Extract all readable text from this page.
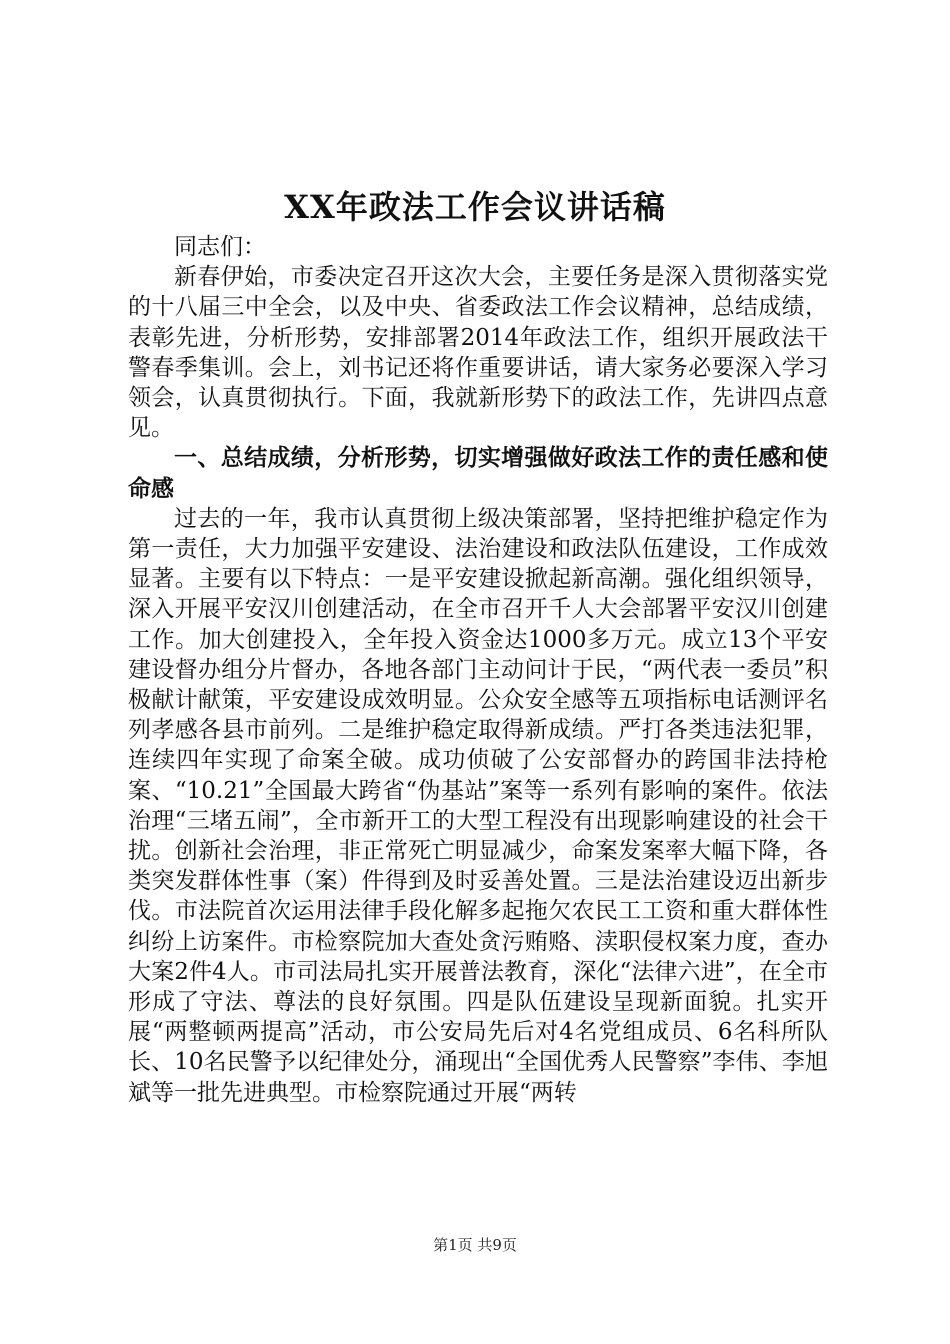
XX年政法工作会议讲话稿

同志们：

新春伊始，市委决定召开这次大会，主要任务是深入贯彻落实党的十八届三中全会，以及中央、省委政法工作会议精神，总结成绩，表彰先进，分析形势，安排部署2014年政法工作，组织开展政法干警春季集训。会上，刘书记还将作重要讲话，请大家务必要深入学习领会，认真贯彻执行。下面，我就新形势下的政法工作，先讲四点意见。

一、总结成绩，分析形势，切实增强做好政法工作的责任感和使命感

过去的一年，我市认真贯彻上级决策部署，坚持把维护稳定作为第一责任，大力加强平安建设、法治建设和政法队伍建设，工作成效显著。主要有以下特点：一是平安建设掀起新高潮。强化组织领导，深入开展平安汉川创建活动，在全市召开千人大会部署平安汉川创建工作。加大创建投入，全年投入资金达1000多万元。成立13个平安建设督办组分片督办，各地各部门主动问计于民，“两代表一委员”积极献计献策，平安建设成效明显。公众安全感等五项指标电话测评名列孝感各县市前列。二是维护稳定取得新成绩。严打各类违法犯罪，连续四年实现了命案全破。成功侦破了公安部督办的跨国非法持枪案、“10.21”全国最大跨省“伪基站”案等一系列有影响的案件。依法治理“三堵五闹”，全市新开工的大型工程没有出现影响建设的社会干扰。创新社会治理，非正常死亡明显减少，命案发案率大幅下降，各类突发群体性事（案）件得到及时妥善处置。三是法治建设迈出新步伐。市法院首次运用法律手段化解多起拖欠农民工工资和重大群体性纠纷上访案件。市检察院加大查处贪污贿赂、渎职侵权案力度，查办大案2件4人。市司法局扎实开展普法教育，深化“法律六进”，在全市形成了守法、尊法的良好氛围。四是队伍建设呈现新面貌。扎实开展“两整顿两提高”活动，市公安局先后对4名党组成员、6名科所队长、10名民警予以纪律处分，涌现出“全国优秀人民警察”李伟、李旭斌等一批先进典型。市检察院通过开展“两转

第1页 共9页
